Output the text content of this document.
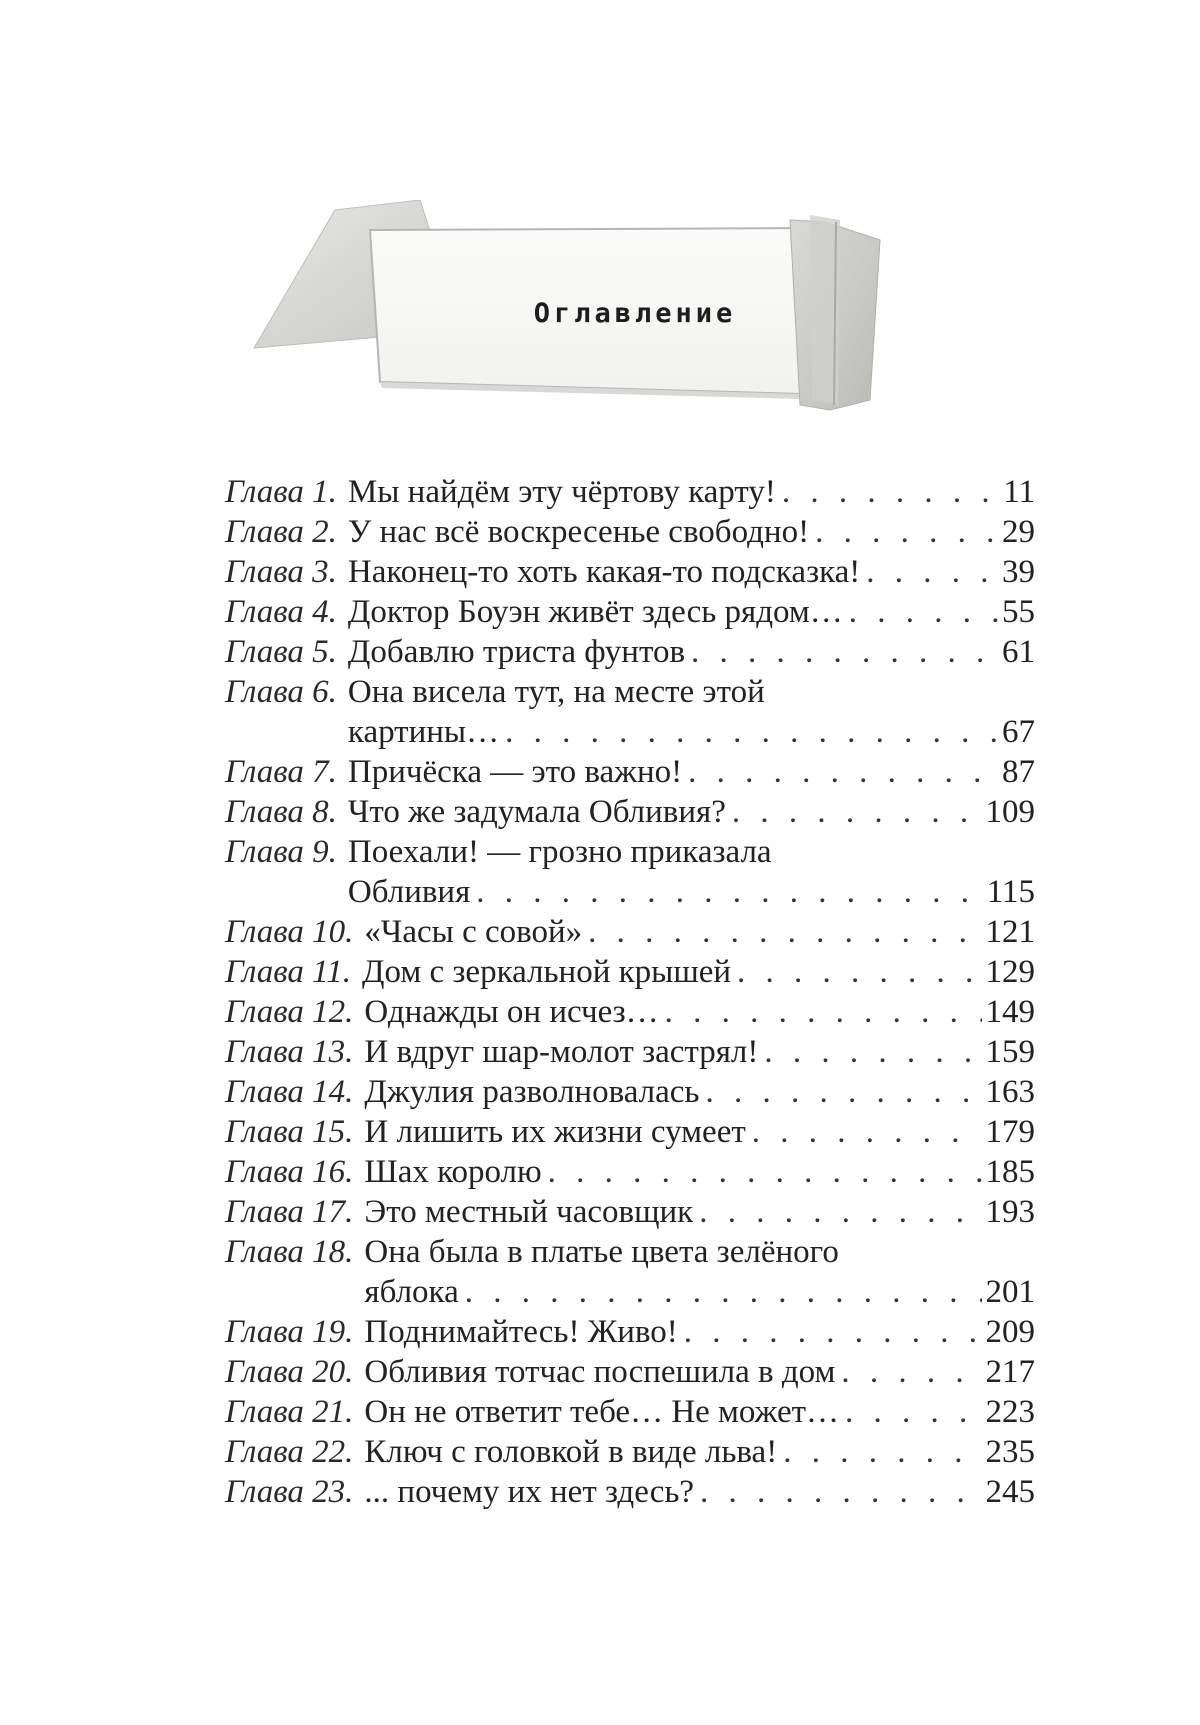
Оглавление
Глава 1. Мы найдём эту чёртову карту! . . .	11
Глава 2. У нас всё воскресенье свободно! . . .	29
Глава 3. Наконец-то хоть какая-то подсказка! . . .	39
Глава 4. Доктор Боуэн живёт здесь рядом… . . .	55
Глава 5. Добавлю триста фунтов . . .	61
Глава 6. Она висела тут, на месте этой
картины… . . .	67
Глава 7. Причёска — это важно! . . .	87
Глава 8. Что же задумала Обливия? . . .	109
Глава 9. Поехали! — грозно приказала
Обливия . . .	115
Глава 10. «Часы с совой» . . .	121
Глава 11. Дом с зеркальной крышей . . .	129
Глава 12. Однажды он исчез… . . .	149
Глава 13. И вдруг шар-молот застрял! . . .	159
Глава 14. Джулия разволновалась . . .	163
Глава 15. И лишить их жизни сумеет . . .	179
Глава 16. Шах королю . . .	185
Глава 17. Это местный часовщик . . .	193
Глава 18. Она была в платье цвета зелёного
яблока . . .	201
Глава 19. Поднимайтесь! Живо! . . .	209
Глава 20. Обливия тотчас поспешила в дом . . .	217
Глава 21. Он не ответит тебе… Не может… . . .	223
Глава 22. Ключ с головкой в виде льва! . . .	235
Глава 23. ... почему их нет здесь? . . .	245
